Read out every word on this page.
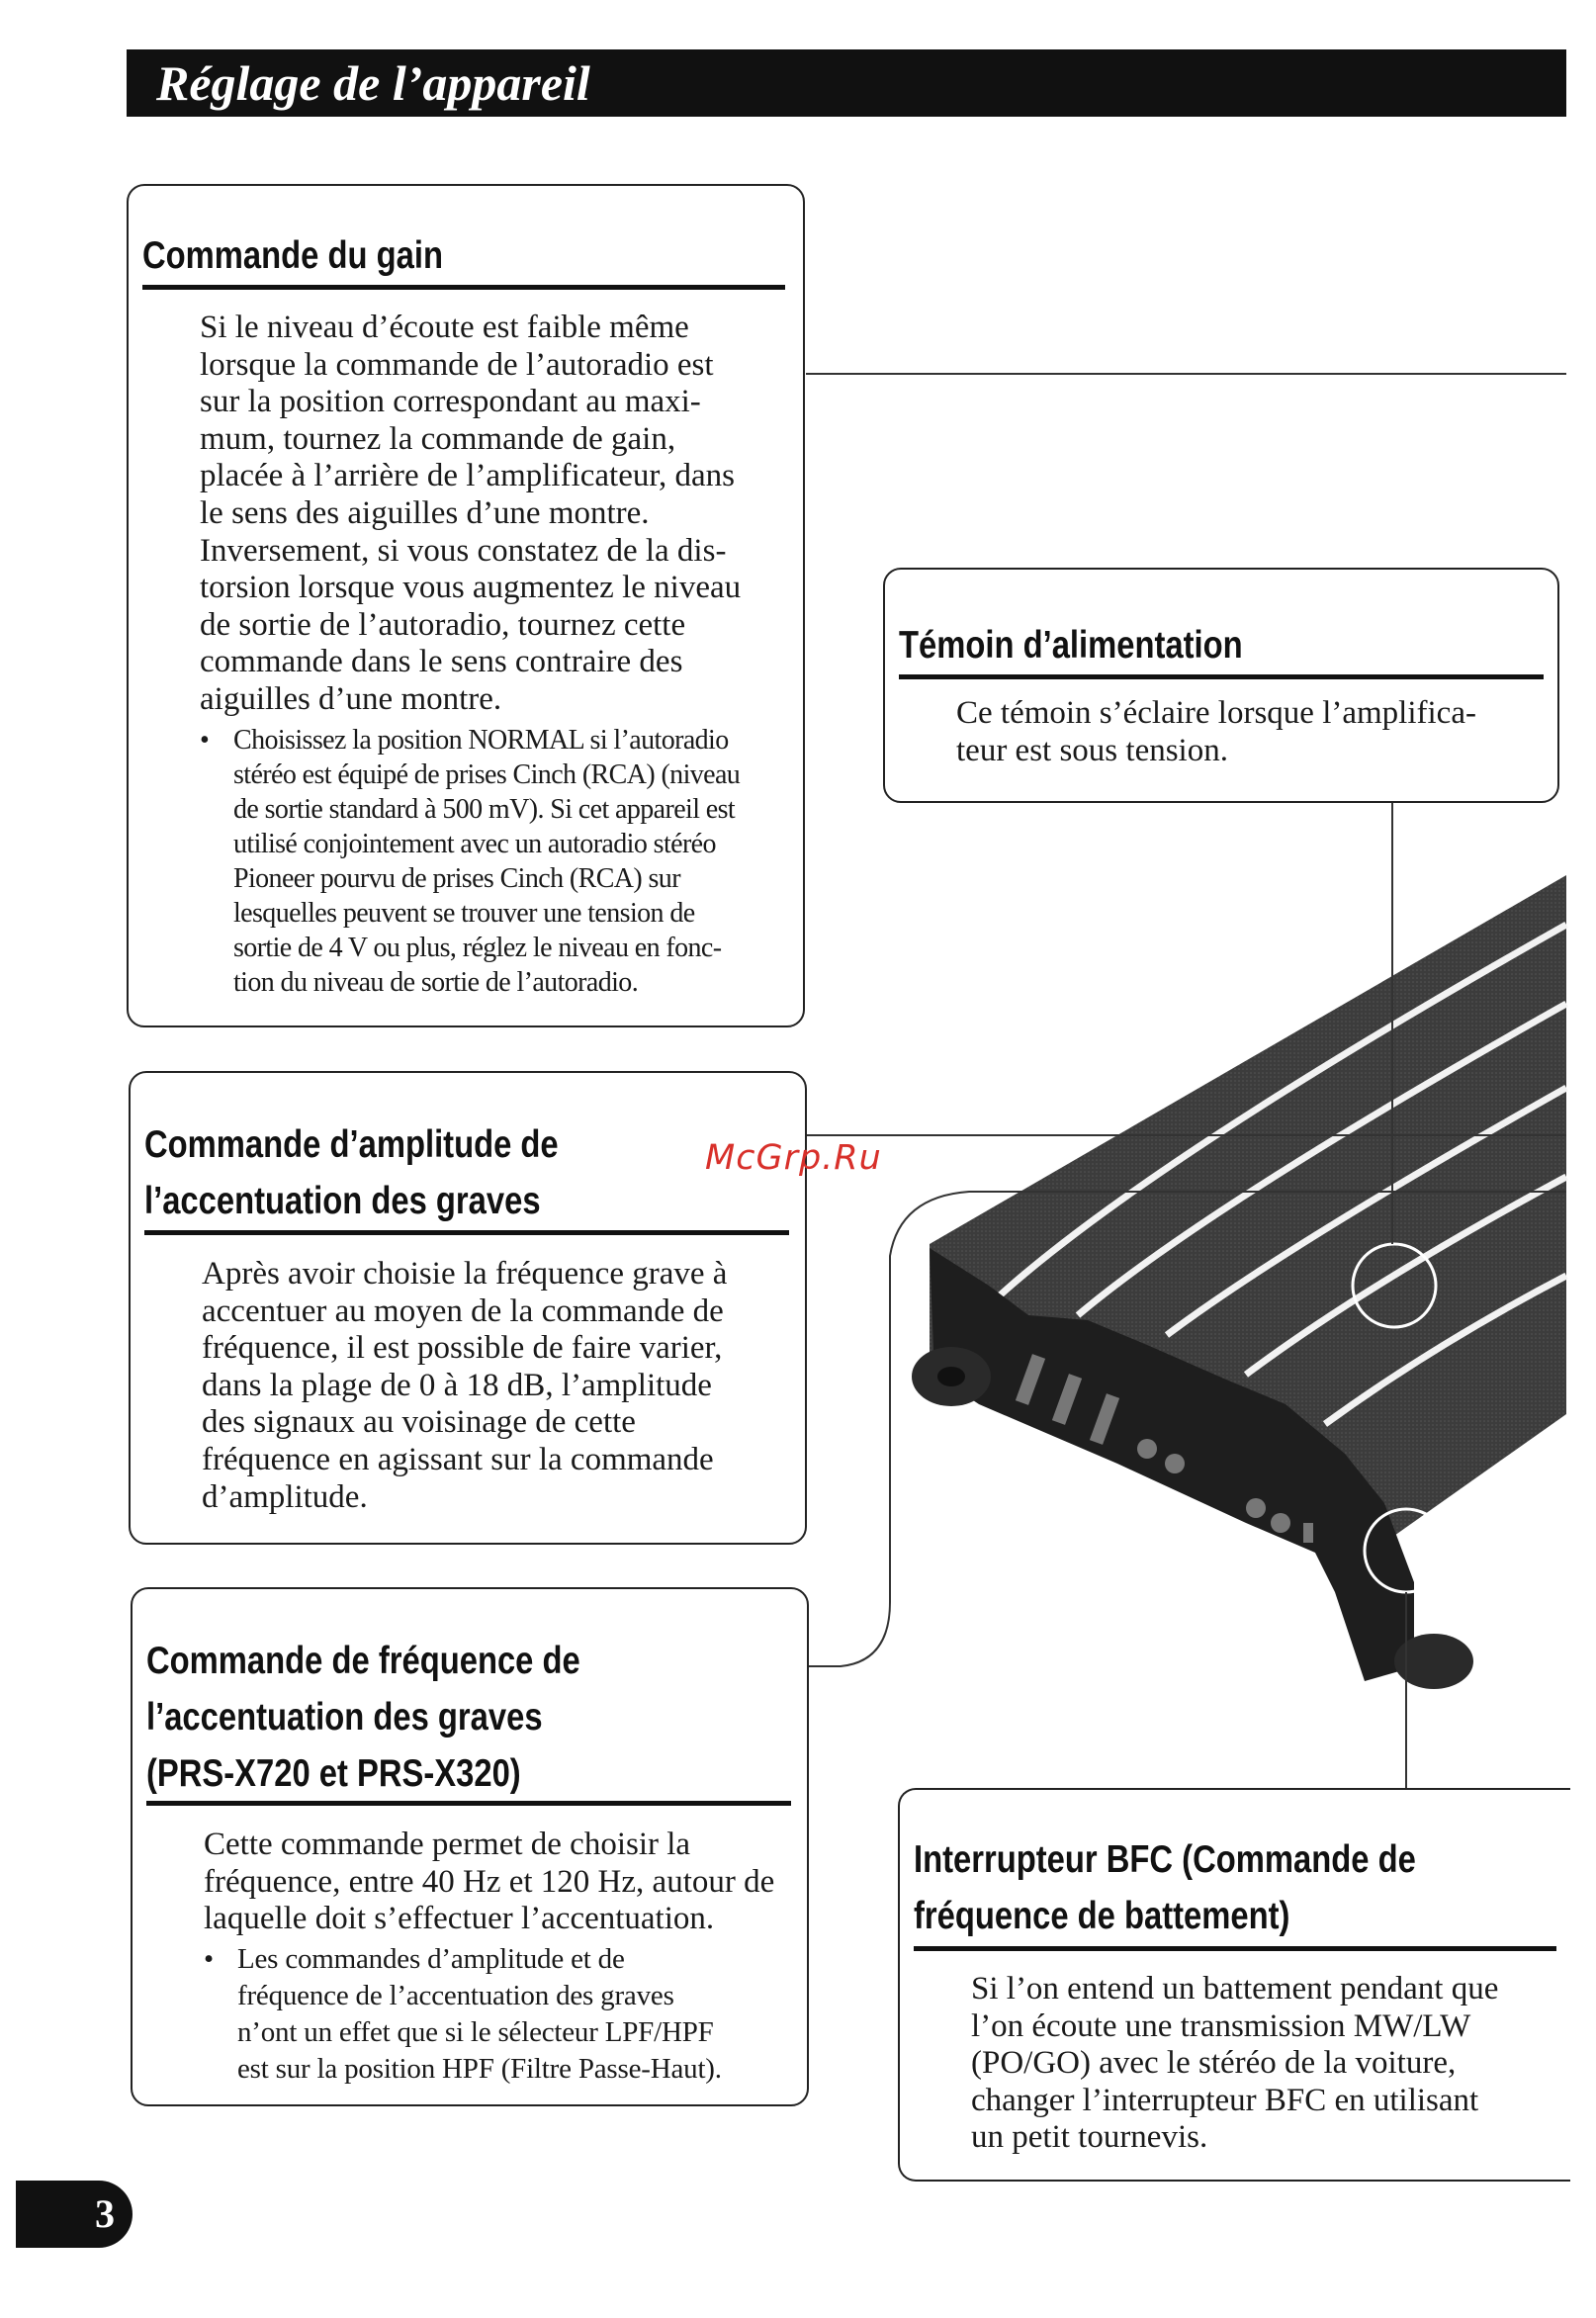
Réglage de l’appareil
Commande du gain
Si le niveau d’écoute est faible même
lorsque la commande de l’autoradio est
sur la position correspondant au maxi-
mum, tournez la commande de gain,
placée à l’arrière de l’amplificateur, dans
le sens des aiguilles d’une montre.
Inversement, si vous constatez de la dis-
torsion lorsque vous augmentez le niveau
de sortie de l’autoradio, tournez cette
commande dans le sens contraire des
aiguilles d’une montre.
• Choisissez la position NORMAL si l’autoradio
stéréo est équipé de prises Cinch (RCA) (niveau
de sortie standard à 500 mV). Si cet appareil est
utilisé conjointement avec un autoradio stéréo
Pioneer pourvu de prises Cinch (RCA) sur
lesquelles peuvent se trouver une tension de
sortie de 4 V ou plus, réglez le niveau en fonc-
tion du niveau de sortie de l’autoradio.
Témoin d’alimentation
Ce témoin s’éclaire lorsque l’amplifica-
teur est sous tension.
Commande d’amplitude de
l’accentuation des graves
Après avoir choisie la fréquence grave à
accentuer au moyen de la commande de
fréquence, il est possible de faire varier,
dans la plage de 0 à 18 dB, l’amplitude
des signaux au voisinage de cette
fréquence en agissant sur la commande
d’amplitude.
Commande de fréquence de
l’accentuation des graves
(PRS-X720 et PRS-X320)
Cette commande permet de choisir la
fréquence, entre 40 Hz et 120 Hz, autour de
laquelle doit s’effectuer l’accentuation.
• Les commandes d’amplitude et de
fréquence de l’accentuation des graves
n’ont un effet que si le sélecteur LPF/HPF
est sur la position HPF (Filtre Passe-Haut).
Interrupteur BFC (Commande de
fréquence de battement)
Si l’on entend un battement pendant que
l’on écoute une transmission MW/LW
(PO/GO) avec le stéréo de la voiture,
changer l’interrupteur BFC en utilisant
un petit tournevis.
McGrp.Ru
3
